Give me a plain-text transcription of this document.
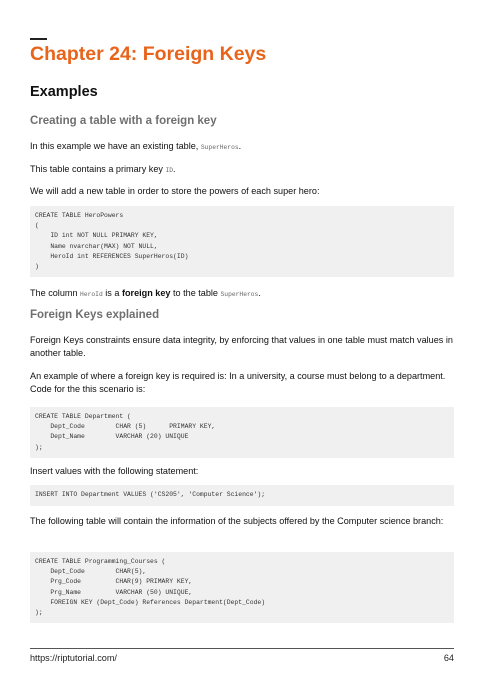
Chapter 24: Foreign Keys
Examples
Creating a table with a foreign key
In this example we have an existing table, SuperHeros.
This table contains a primary key ID.
We will add a new table in order to store the powers of each super hero:
CREATE TABLE HeroPowers
(
ID int NOT NULL PRIMARY KEY,
Name nvarchar(MAX) NOT NULL,
HeroId int REFERENCES SuperHeros(ID)
)
The column HeroId is a foreign key to the table SuperHeros.
Foreign Keys explained
Foreign Keys constraints ensure data integrity, by enforcing that values in one table must match values in another table.
An example of where a foreign key is required is: In a university, a course must belong to a department. Code for the this scenario is:
CREATE TABLE Department (
Dept_Code        CHAR (5)      PRIMARY KEY,
Dept_Name        VARCHAR (20) UNIQUE
);
Insert values with the following statement:
INSERT INTO Department VALUES ('CS205', 'Computer Science');
The following table will contain the information of the subjects offered by the Computer science branch:
CREATE TABLE Programming_Courses (
Dept_Code        CHAR(5),
Prg_Code         CHAR(9) PRIMARY KEY,
Prg_Name         VARCHAR (50) UNIQUE,
FOREIGN KEY (Dept_Code) References Department(Dept_Code)
);
https://riptutorial.com/	64
